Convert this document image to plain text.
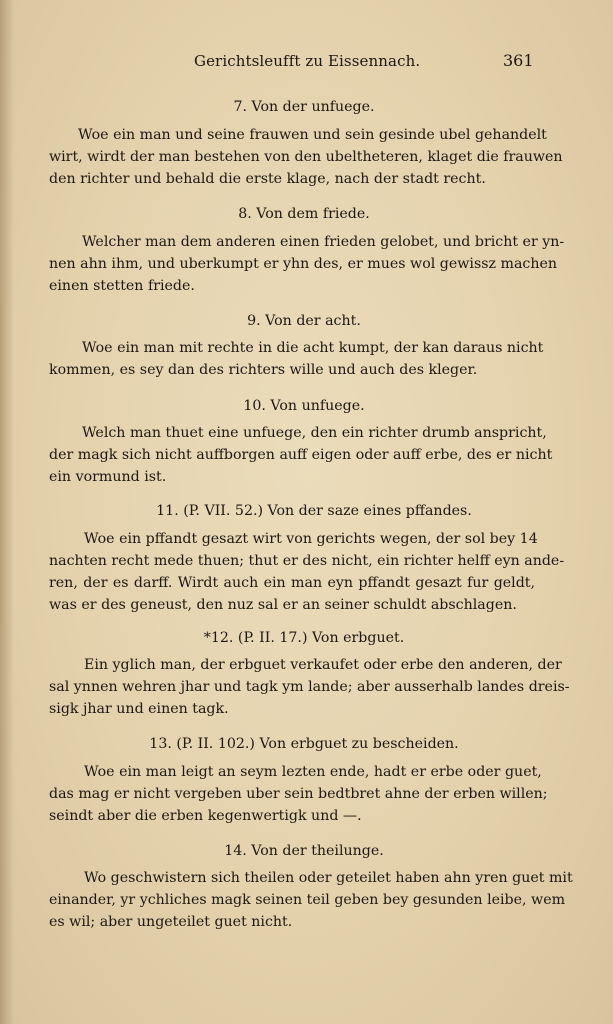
Gerichtsleufft zu Eissennach.	361
7. Von der unfuege.
Woe ein man und seine frauwen und sein gesinde ubel gehandelt
wirt, wirdt der man bestehen von den ubeltheteren, klaget die frauwen
den richter und behald die erste klage, nach der stadt recht.
8. Von dem friede.
Welcher man dem anderen einen frieden gelobet, und bricht er yn-
nen ahn ihm, und uberkumpt er yhn des, er mues wol gewissz machen
einen stetten friede.
9. Von der acht.
Woe ein man mit rechte in die acht kumpt, der kan daraus nicht
kommen, es sey dan des richters wille und auch des kleger.
10. Von unfuege.
Welch man thuet eine unfuege, den ein richter drumb anspricht,
der magk sich nicht auffborgen auff eigen oder auff erbe, des er nicht
ein vormund ist.
11. (P. VII. 52.) Von der saze eines pffandes.
Woe ein pffandt gesazt wirt von gerichts wegen, der sol bey 14
nachten recht mede thuen; thut er des nicht, ein richter helff eyn ande-
ren, der es darff. Wirdt auch ein man eyn pffandt gesazt fur geldt,
was er des geneust, den nuz sal er an seiner schuldt abschlagen.
*12. (P. II. 17.) Von erbguet.
Ein yglich man, der erbguet verkaufet oder erbe den anderen, der
sal ynnen wehren jhar und tagk ym lande; aber ausserhalb landes dreis-
sigk jhar und einen tagk.
13. (P. II. 102.) Von erbguet zu bescheiden.
Woe ein man leigt an seym lezten ende, hadt er erbe oder guet,
das mag er nicht vergeben uber sein bedtbret ahne der erben willen;
seindt aber die erben kegenwertigk und —.
14. Von der theilunge.
Wo geschwistern sich theilen oder geteilet haben ahn yren guet mit
einander, yr ychliches magk seinen teil geben bey gesunden leibe, wem
es wil; aber ungeteilet guet nicht.
